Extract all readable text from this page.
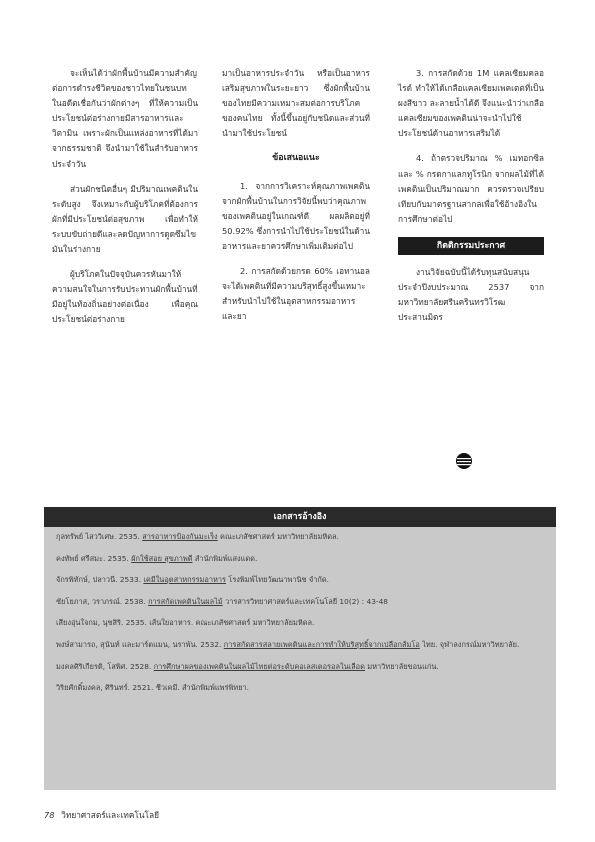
จะเห็นได้ว่าผักพื้นบ้านมีความสำคัญต่อการดำรงชีวิตของชาวไทยในชนบท ในอดีตเชื่อกันว่าผักต่างๆ ที่ให้ความเป็นประโยชน์ต่อร่างกายมีสารอาหารและวิตามิน เพราะผักเป็นแหล่งอาหารที่ได้มาจากธรรมชาติ จึงนำมาใช้ในสำรับอาหารประจำวัน

ส่วนผักชนิดอื่นๆ มีปริมาณเพคตินในระดับสูง จึงเหมาะกับผู้บริโภคที่ต้องการผักที่มีประโยชน์ต่อสุขภาพ เพื่อทำให้ระบบขับถ่ายดีและลดปัญหาการดูดซึมไขมันในร่างกาย

ผู้บริโภคในปัจจุบันควรหันมาให้ความสนใจในการรับประทานผักพื้นบ้านที่มีอยู่ในท้องถิ่นอย่างต่อเนื่อง เพื่อคุณประโยชน์ต่อร่างกาย

มาเป็นอาหารประจำวัน หรือเป็นอาหารเสริมสุขภาพในระยะยาว ซึ่งผักพื้นบ้านของไทยมีความเหมาะสมต่อการบริโภคของคนไทย ทั้งนี้ขึ้นอยู่กับชนิดและส่วนที่นำมาใช้ประโยชน์

ข้อเสนอแนะ

1. จากการวิเคราะห์คุณภาพเพคตินจากผักพื้นบ้านในการวิจัยนี้พบว่าคุณภาพของเพคตินอยู่ในเกณฑ์ดี ผลผลิตอยู่ที่ 50.92% ซึ่งการนำไปใช้ประโยชน์ในด้านอาหารและยาควรศึกษาเพิ่มเติมต่อไป

2. การสกัดด้วยกรด 60% เอทานอลจะได้เพคตินที่มีความบริสุทธิ์สูงขึ้นเหมาะสำหรับนำไปใช้ในอุตสาหกรรมอาหารและยา

3. การสกัดด้วย 1M แคลเซียมคลอไรด์ ทำให้ได้เกลือแคลเซียมเพคเตตที่เป็นผงสีขาว ละลายน้ำได้ดี จึงแนะนำว่าเกลือแคลเซียมของเพคตินน่าจะนำไปใช้ประโยชน์ด้านอาหารเสริมได้

4. ถ้าตรวจปริมาณ % เมทอกซิลและ % กรดกาแลกทูโรนิก จากผลไม้ที่ได้เพคตินเป็นปริมาณมาก ควรตรวจเปรียบเทียบกับมาตรฐานสากลเพื่อใช้อ้างอิงในการศึกษาต่อไป

กิตติกรรมประกาศ

งานวิจัยฉบับนี้ได้รับทุนสนับสนุนประจำปีงบประมาณ 2537 จากมหาวิทยาลัยศรีนครินทรวิโรฒ ประสานมิตร

เอกสารอ้างอิง
กุลทรัพย์ ไสววิเศษ. 2535. สารอาหารป้องกันมะเร็ง คณะเภสัชศาสตร์ มหาวิทยาลัยมหิดล.
คงทัพย์ ศรีสมะ. 2535. ผักใช้สอย สุขภาพดี สำนักพิมพ์แสงแดด.
จักรพิทักษ์, ปลาวนี. 2533. เคมีในอุตสาหกรรมอาหาร โรงพิมพ์ไทยวัฒนาพานิช จำกัด.
ชัยโยภาส, วราภรณ์. 2538. การสกัดเพคตินในผลไม้ วารสารวิทยาศาสตร์และเทคโนโลยี 10(2) : 43-48
เสียงอุ่นใจกม, นุชสิริ. 2535. เส้นใยอาหาร. คณะเภสัชศาสตร์ มหาวิทยาลัยมหิดล.
พงษ์สามารถ, สุนันท์ และมาร์ตแมน, นราพัน. 2532. การสกัดสารสลายเพคตินและการทำให้บริสุทธิ์จากเปลือกส้มโอ ไทย. จุฬาลงกรณ์มหาวิทยาลัย.
มงคลศิริเกียรติ, โสพิศ. 2528. การศึกษาผลของเพคตินในผลไม้ไทยต่อระดับคอเลสเตอรอลในเลือด มหาวิทยาลัยขอนแก่น.
วิริยศักดิ์มงคล, ศิรินทร์. 2521. ชีวเคมี. สำนักพิมพ์แพร่พิทยา.
78 วิทยาศาสตร์และเทคโนโลยี
